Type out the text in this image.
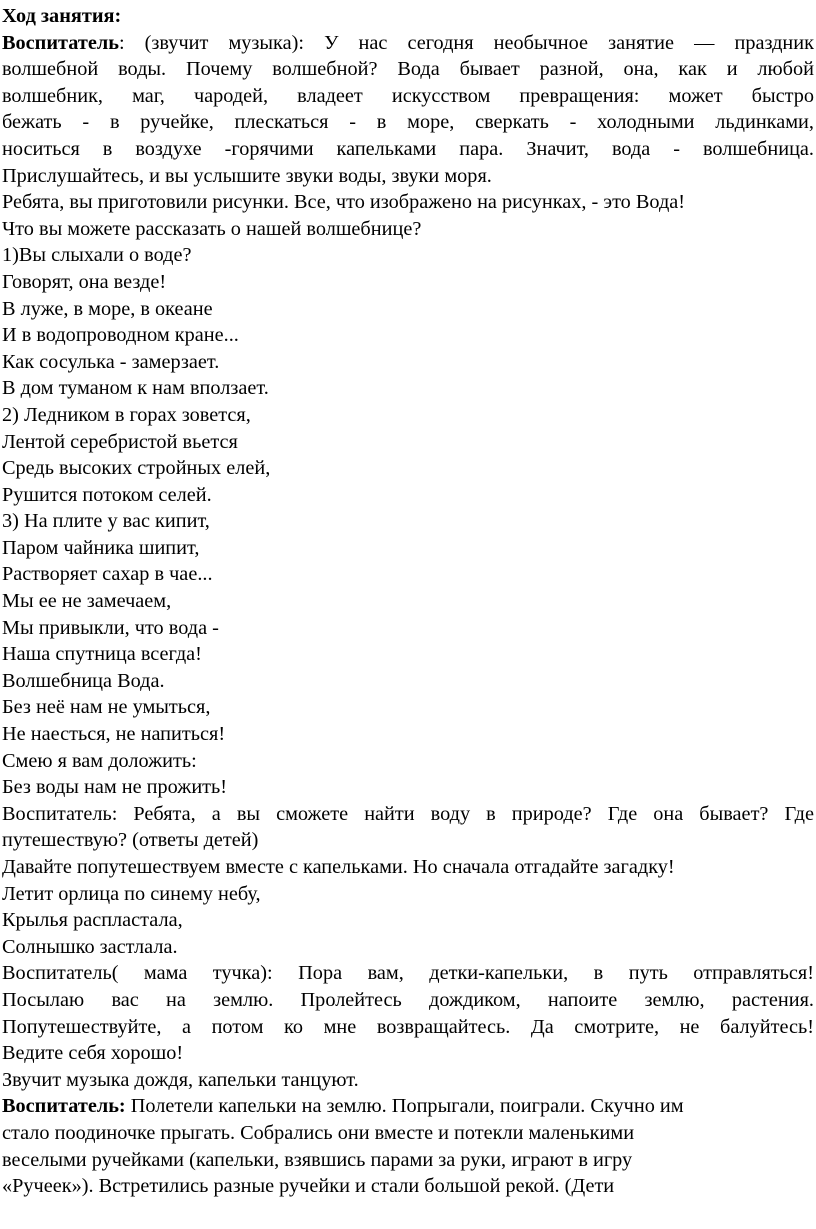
Ход занятия:
Воспитатель: (звучит музыка): У нас сегодня необычное занятие — праздник
волшебной воды. Почему волшебной? Вода бывает разной, она, как и любой
волшебник, маг, чародей, владеет искусством превращения: может быстро
бежать - в ручейке, плескаться - в море, сверкать - холодными льдинками,
носиться в воздухе -горячими капельками пара. Значит, вода - волшебница.
Прислушайтесь, и вы услышите звуки воды, звуки моря.
Ребята, вы приготовили рисунки. Все, что изображено на рисунках, - это Вода!
Что вы можете рассказать о нашей волшебнице?
1)Вы слыхали о воде?
Говорят, она везде!
В луже, в море, в океане
И в водопроводном кране...
Как сосулька - замерзает.
В дом туманом к нам вползает.
2) Ледником в горах зовется,
Лентой серебристой вьется
Средь высоких стройных елей,
Рушится потоком селей.
3) На плите у вас кипит,
Паром чайника шипит,
Растворяет сахар в чае...
Мы ее не замечаем,
Мы привыкли, что вода -
Наша спутница всегда!
Волшебница Вода.
Без неё нам не умыться,
Не наесться, не напиться!
Смею я вам доложить:
Без воды нам не прожить!
Воспитатель: Ребята, а вы сможете найти воду в природе? Где она бывает? Где
путешествую? (ответы детей)
Давайте попутешествуем вместе с капельками. Но сначала отгадайте загадку!
Летит орлица по синему небу,
Крылья распластала,
Солнышко застлала.
Воспитатель( мама тучка): Пора вам, детки-капельки, в путь отправляться!
Посылаю вас на землю. Пролейтесь дождиком, напоите землю, растения.
Попутешествуйте, а потом ко мне возвращайтесь. Да смотрите, не балуйтесь!
Ведите себя хорошо!
Звучит музыка дождя, капельки танцуют.
Воспитатель: Полетели капельки на землю. Попрыгали, поиграли. Скучно им
стало поодиночке прыгать. Собрались они вместе и потекли маленькими
веселыми ручейками (капельки, взявшись парами за руки, играют в игру
«Ручеек»). Встретились разные ручейки и стали большой рекой. (Дети
